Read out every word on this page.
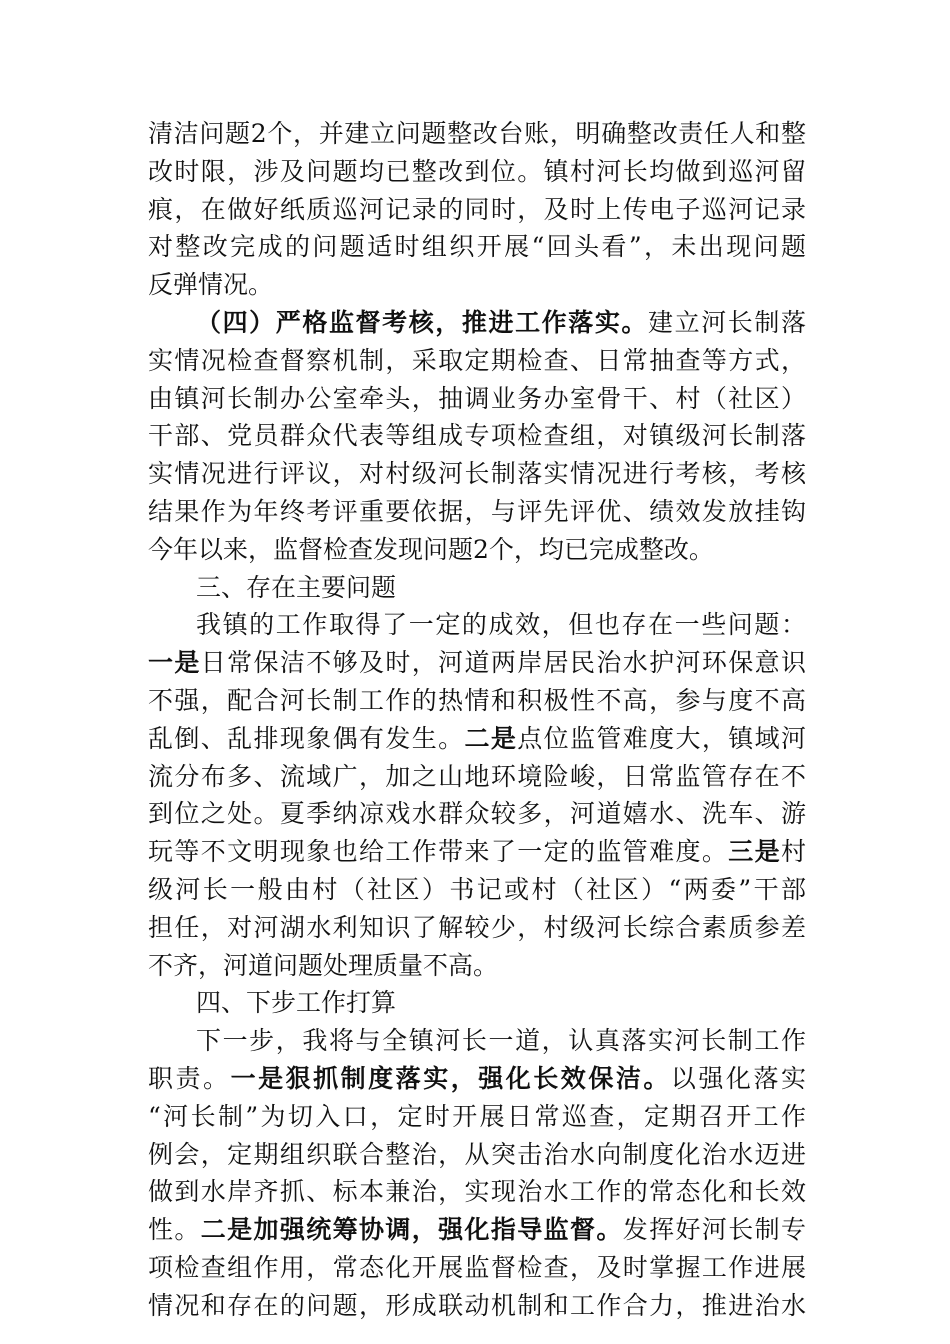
清洁问题2个，并建立问题整改台账，明确整改责任人和整
改时限，涉及问题均已整改到位。镇村河长均做到巡河留
痕，在做好纸质巡河记录的同时，及时上传电子巡河记录
对整改完成的问题适时组织开展“回头看”，未出现问题
反弹情况。
（四）严格监督考核，推进工作落实。建立河长制落
实情况检查督察机制，采取定期检查、日常抽查等方式，
由镇河长制办公室牵头，抽调业务办室骨干、村（社区）
干部、党员群众代表等组成专项检查组，对镇级河长制落
实情况进行评议，对村级河长制落实情况进行考核，考核
结果作为年终考评重要依据，与评先评优、绩效发放挂钩
今年以来，监督检查发现问题2个，均已完成整改。
三、存在主要问题
我镇的工作取得了一定的成效，但也存在一些问题：
一是日常保洁不够及时，河道两岸居民治水护河环保意识
不强，配合河长制工作的热情和积极性不高，参与度不高
乱倒、乱排现象偶有发生。二是点位监管难度大，镇域河
流分布多、流域广，加之山地环境险峻，日常监管存在不
到位之处。夏季纳凉戏水群众较多，河道嬉水、洗车、游
玩等不文明现象也给工作带来了一定的监管难度。三是村
级河长一般由村（社区）书记或村（社区）“两委”干部
担任，对河湖水利知识了解较少，村级河长综合素质参差
不齐，河道问题处理质量不高。
四、下步工作打算
下一步，我将与全镇河长一道，认真落实河长制工作
职责。一是狠抓制度落实，强化长效保洁。以强化落实
“河长制”为切入口，定时开展日常巡查，定期召开工作
例会，定期组织联合整治，从突击治水向制度化治水迈进
做到水岸齐抓、标本兼治，实现治水工作的常态化和长效
性。二是加强统筹协调，强化指导监督。发挥好河长制专
项检查组作用，常态化开展监督检查，及时掌握工作进展
情况和存在的问题，形成联动机制和工作合力，推进治水
